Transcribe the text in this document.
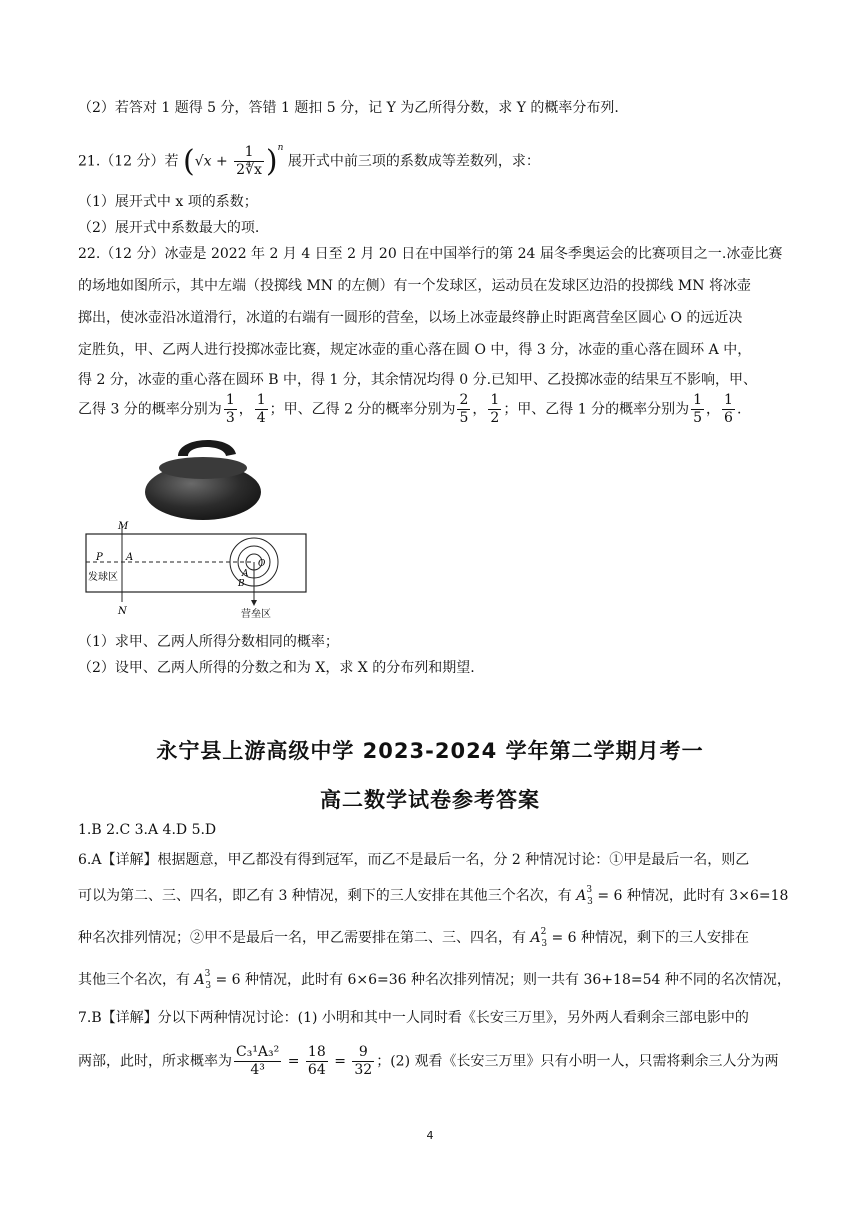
（2）若答对 1 题得 5 分，答错 1 题扣 5 分，记 Y 为乙所得分数，求 Y 的概率分布列.
21.（12 分）若 $(√x + \frac{1}{2∜x} )^n$ 展开式中前三项的系数成等差数列，求：
（1）展开式中 x 项的系数；
（2）展开式中系数最大的项.
22.（12 分）冰壶是 2022 年 2 月 4 日至 2 月 20 日在中国举行的第 24 届冬季奥运会的比赛项目之一.冰壶比赛
的场地如图所示，其中左端（投掷线 MN 的左侧）有一个发球区，运动员在发球区边沿的投掷线 MN 将冰壶
掷出，使冰壶沿冰道滑行，冰道的右端有一圆形的营垒，以场上冰壶最终静止时距离营垒区圆心 O 的远近决
定胜负，甲、乙两人进行投掷冰壶比赛，规定冰壶的重心落在圆 O 中，得 3 分，冰壶的重心落在圆环 A 中，
得 2 分，冰壶的重心落在圆环 B 中，得 1 分，其余情况均得 0 分.已知甲、乙投掷冰壶的结果互不影响，甲、
乙得 3 分的概率分别为 $\frac{1}{3}$ ， $\frac{1}{4}$ ；甲、乙得 2 分的概率分别为 $\frac{2}{5}$ ， $\frac{1}{2}$ ；甲、乙得 1 分的概率分别为 $\frac{1}{5}$ ， $\frac{1}{6}$ .
M
N
P A
O
A
B
发球区
营垒区
（1）求甲、乙两人所得分数相同的概率；
（2）设甲、乙两人所得的分数之和为 X，求 X 的分布列和期望.
永宁县上游高级中学 2023-2024 学年第二学期月考一
高二数学试卷参考答案
1.B 2.C 3.A 4.D 5.D
6.A【详解】根据题意，甲乙都没有得到冠军，而乙不是最后一名，分 2 种情况讨论：①甲是最后一名，则乙
可以为第二、三、四名，即乙有 3 种情况，剩下的三人安排在其他三个名次，有 $A^3_3 = 6$ 种情况，此时有 3×6=18
种名次排列情况；②甲不是最后一名，甲乙需要排在第二、三、四名，有 $A^2_3 = 6$ 种情况，剩下的三人安排在
其他三个名次，有 $A^3_3 = 6$ 种情况，此时有 6×6=36 种名次排列情况；则一共有 36+18=54 种不同的名次情况，
7.B【详解】分以下两种情况讨论：(1) 小明和其中一人同时看《长安三万里》，另外两人看剩余三部电影中的
两部，此时，所求概率为 $\frac{\text{C₃¹A₃²}}{\text{4³}} = \frac{18}{64} = \frac{9}{32}$ ；(2) 观看《长安三万里》只有小明一人，只需将剩余三人分为两
4
